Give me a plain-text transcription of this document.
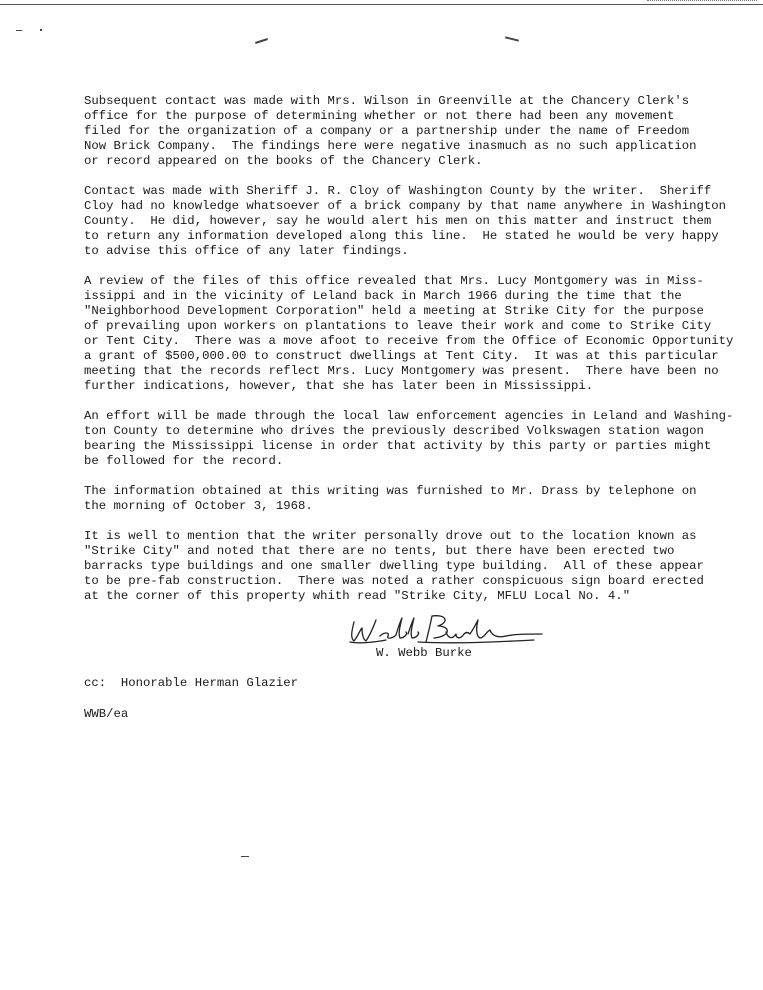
Subsequent contact was made with Mrs. Wilson in Greenville at the Chancery Clerk's
office for the purpose of determining whether or not there had been any movement
filed for the organization of a company or a partnership under the name of Freedom
Now Brick Company.  The findings here were negative inasmuch as no such application
or record appeared on the books of the Chancery Clerk.

Contact was made with Sheriff J. R. Cloy of Washington County by the writer.  Sheriff
Cloy had no knowledge whatsoever of a brick company by that name anywhere in Washington
County.  He did, however, say he would alert his men on this matter and instruct them
to return any information developed along this line.  He stated he would be very happy
to advise this office of any later findings.

A review of the files of this office revealed that Mrs. Lucy Montgomery was in Miss-
issippi and in the vicinity of Leland back in March 1966 during the time that the
"Neighborhood Development Corporation" held a meeting at Strike City for the purpose
of prevailing upon workers on plantations to leave their work and come to Strike City
or Tent City.  There was a move afoot to receive from the Office of Economic Opportunity
a grant of $500,000.00 to construct dwellings at Tent City.  It was at this particular
meeting that the records reflect Mrs. Lucy Montgomery was present.  There have been no
further indications, however, that she has later been in Mississippi.

An effort will be made through the local law enforcement agencies in Leland and Washing-
ton County to determine who drives the previously described Volkswagen station wagon
bearing the Mississippi license in order that activity by this party or parties might
be followed for the record.

The information obtained at this writing was furnished to Mr. Drass by telephone on
the morning of October 3, 1968.

It is well to mention that the writer personally drove out to the location known as
"Strike City" and noted that there are no tents, but there have been erected two
barracks type buildings and one smaller dwelling type building.  All of these appear
to be pre-fab construction.  There was noted a rather conspicuous sign board erected
at the corner of this property whith read "Strike City, MFLU Local No. 4."

W. Webb Burke
cc:  Honorable Herman Glazier
WWB/ea
